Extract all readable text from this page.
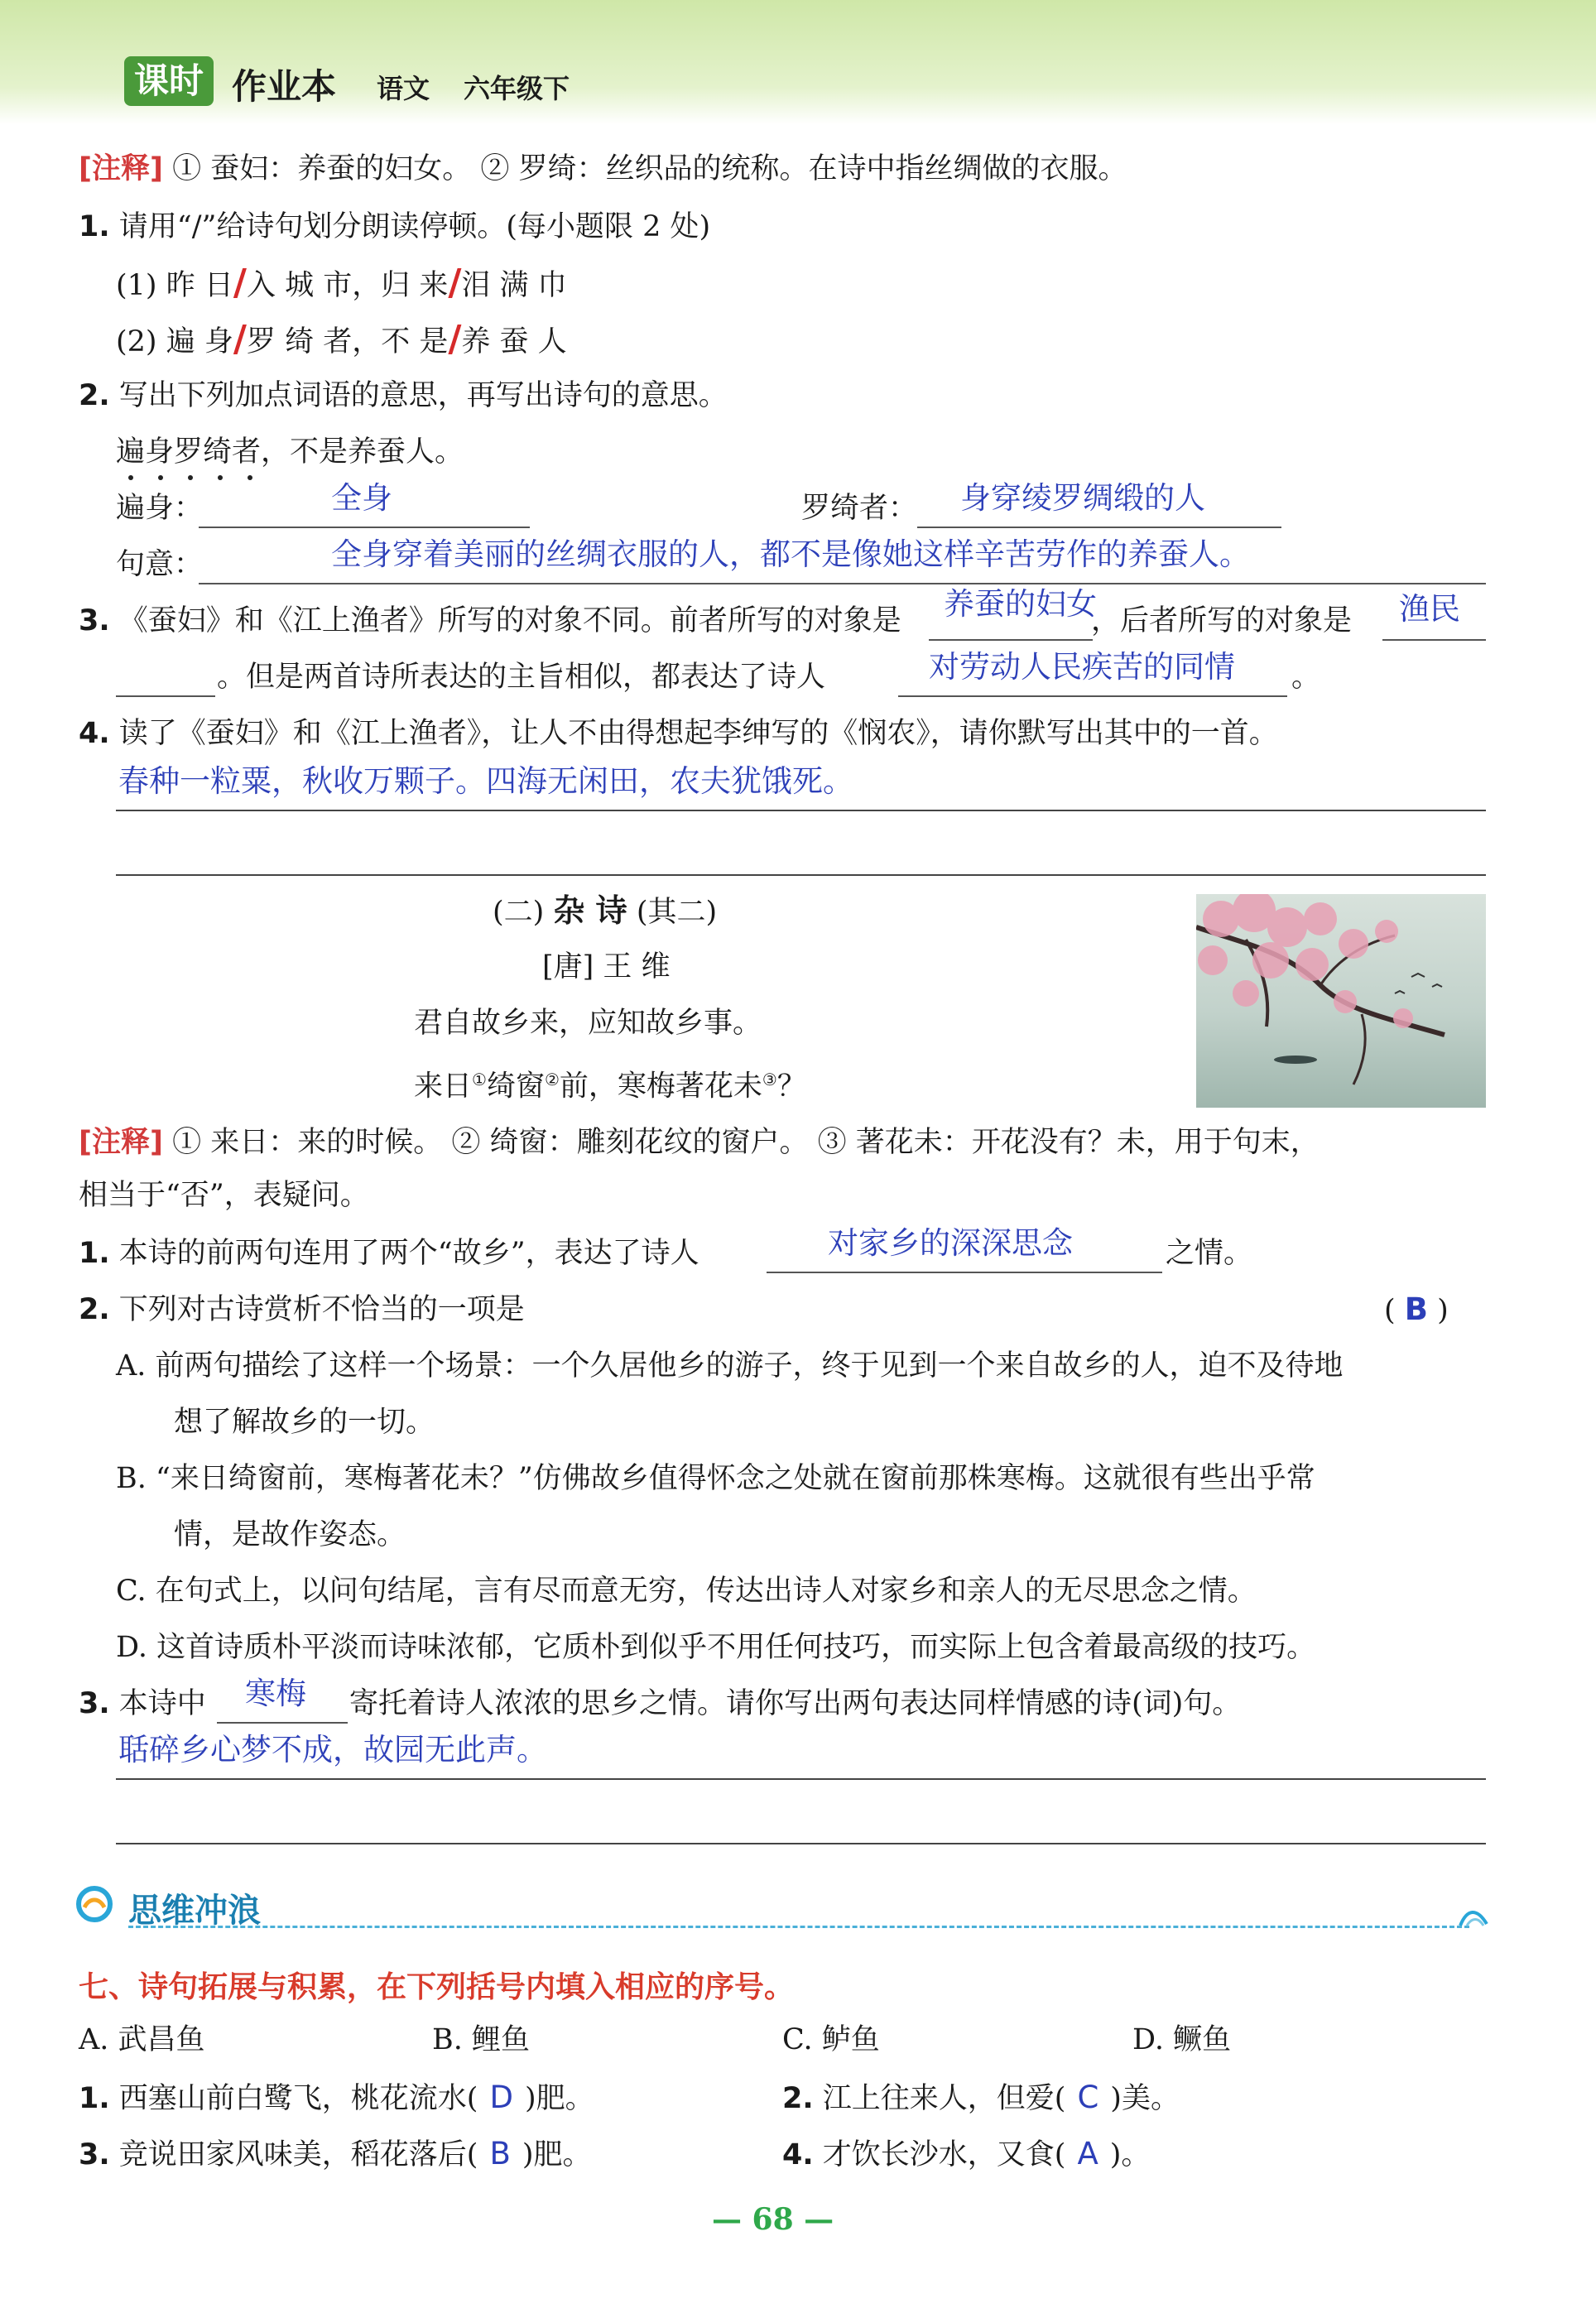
课时 作业本 语文 六年级下
[注释] ① 蚕妇：养蚕的妇女。 ② 罗绮：丝织品的统称。在诗中指丝绸做的衣服。
1. 请用“/”给诗句划分朗读停顿。(每小题限 2 处)
(1) 昨 日/入 城 市，归 来/泪 满 巾
(2) 遍 身/罗 绮 者，不 是/养 蚕 人
2. 写出下列加点词语的意思，再写出诗句的意思。
遍身罗绮者，不是养蚕人。
遍身：	全身	罗绮者： 身穿绫罗绸缎的人
句意：	全身穿着美丽的丝绸衣服的人，都不是像她这样辛苦劳作的养蚕人。
3. 《蚕妇》和《江上渔者》所写的对象不同。前者所写的对象是 养蚕的妇女
，后者所写的对象是 渔民
。但是两首诗所表达的主旨相似，都表达了诗人	对劳动人民疾苦的同情 。
4. 读了《蚕妇》和《江上渔者》，让人不由得想起李绅写的《悯农》，请你默写出其中的一首。
春种一粒粟，秋收万颗子。四海无闲田，农夫犹饿死。
(二) 杂 诗 (其二)
[唐] 王 维
君自故乡来，应知故乡事。
来日①绮窗②前，寒梅著花未③？
[注释] ① 来日：来的时候。 ② 绮窗：雕刻花纹的窗户。 ③ 著花未：开花没有？未，用于句末，
相当于“否”，表疑问。
1. 本诗的前两句连用了两个“故乡”，表达了诗人	对家乡的深深思念	之情。
2. 下列对古诗赏析不恰当的一项是	( B )
A. 前两句描绘了这样一个场景：一个久居他乡的游子，终于见到一个来自故乡的人，迫不及待地
想了解故乡的一切。
B. “来日绮窗前，寒梅著花未？”仿佛故乡值得怀念之处就在窗前那株寒梅。这就很有些出乎常
情，是故作姿态。
C. 在句式上，以问句结尾，言有尽而意无穷，传达出诗人对家乡和亲人的无尽思念之情。
D. 这首诗质朴平淡而诗味浓郁，它质朴到似乎不用任何技巧，而实际上包含着最高级的技巧。
3. 本诗中 寒梅 寄托着诗人浓浓的思乡之情。请你写出两句表达同样情感的诗(词)句。
聒碎乡心梦不成，故园无此声。
思维冲浪
七、诗句拓展与积累，在下列括号内填入相应的序号。
A. 武昌鱼	B. 鲤鱼	C. 鲈鱼	D. 鳜鱼
1. 西塞山前白鹭飞，桃花流水( D )肥。	2. 江上往来人，但爱( C )美。
3. 竞说田家风味美，稻花落后( B )肥。	4. 才饮长沙水，又食( A )。
— 68 —
